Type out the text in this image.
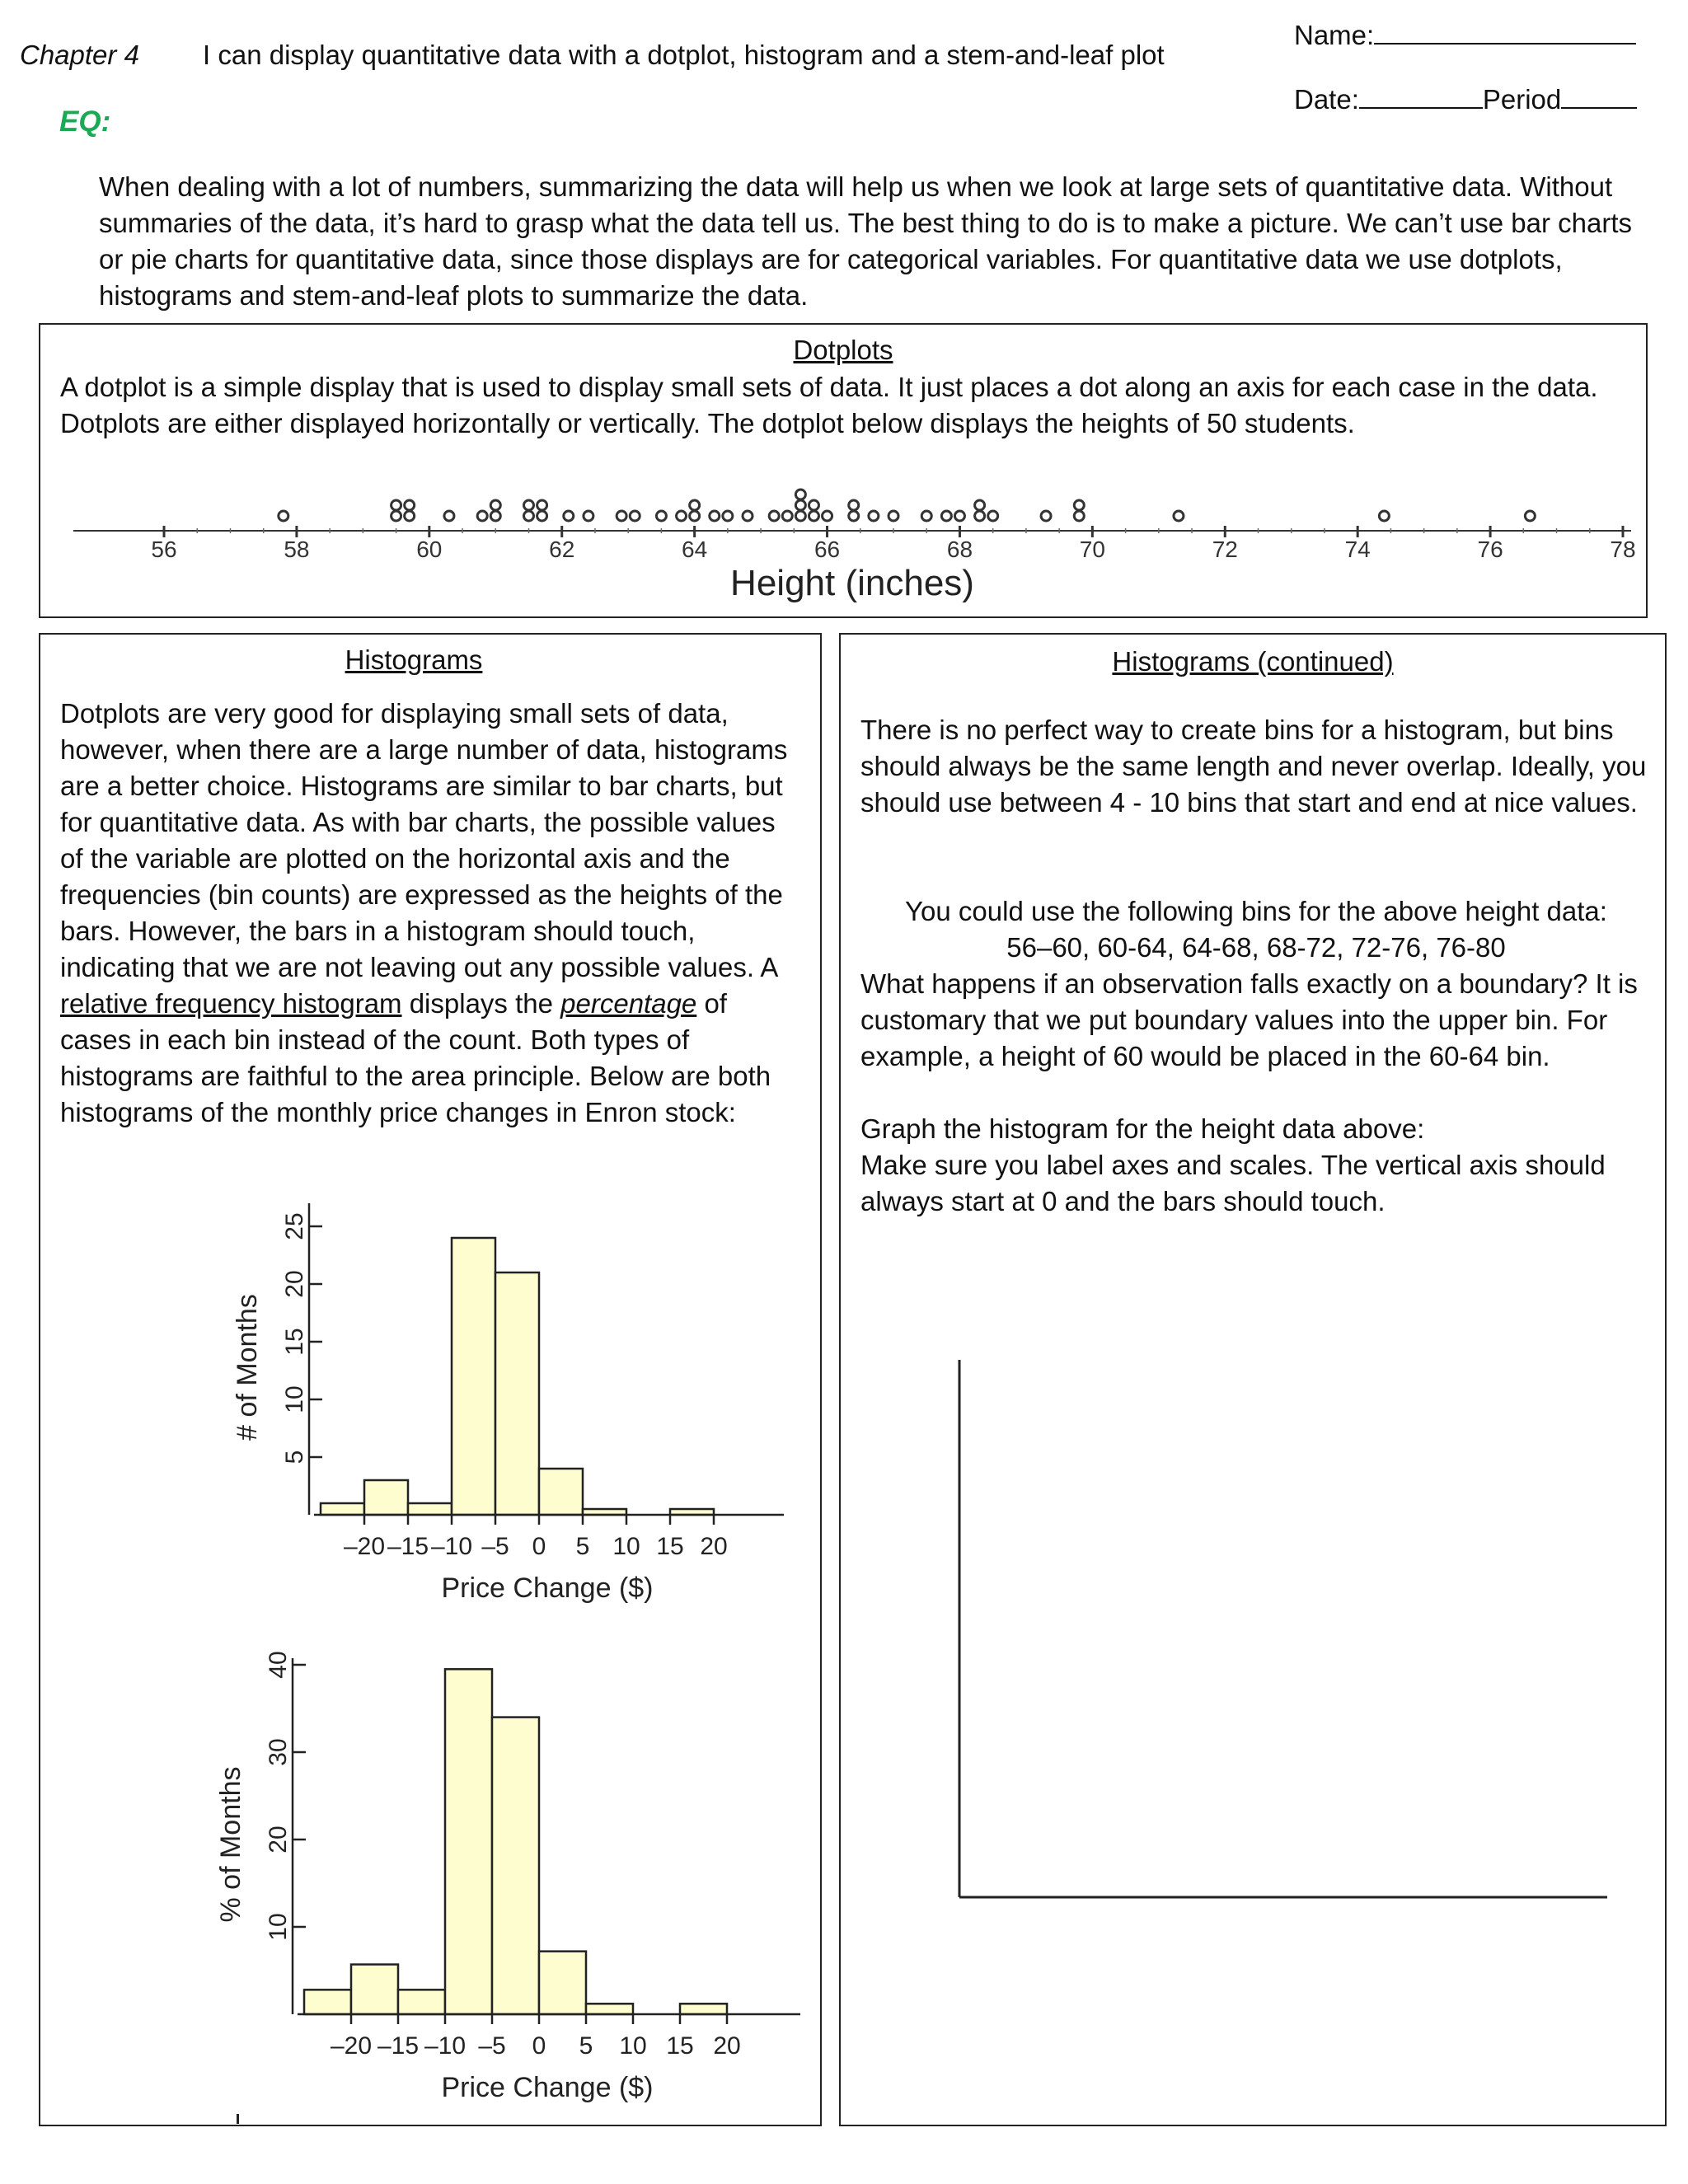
Chapter 4 I can display quantitative data with a dotplot, histogram and a stem-and-leaf plot
Name:
Date:	Period
EQ:
When dealing with a lot of numbers, summarizing the data will help us when we look at large sets of quantitative data. Without summaries of the data, it’s hard to grasp what the data tell us. The best thing to do is to make a picture. We can’t use bar charts or pie charts for quantitative data, since those displays are for categorical variables. For quantitative data we use dotplots, histograms and stem-and-leaf plots to summarize the data.
Dotplots
A dotplot is a simple display that is used to display small sets of data. It just places a dot along an axis for each case in the data. Dotplots are either displayed horizontally or vertically. The dotplot below displays the heights of 50 students.
56	58	60	62	64	66	68	70	72	74	76	78
Height (inches)
Histograms
Dotplots are very good for displaying small sets of data, however, when there are a large number of data, histograms are a better choice. Histograms are similar to bar charts, but for quantitative data. As with bar charts, the possible values of the variable are plotted on the horizontal axis and the frequencies (bin counts) are expressed as the heights of the bars. However, the bars in a histogram should touch, indicating that we are not leaving out any possible values. A relative frequency histogram displays the percentage of cases in each bin instead of the count. Both types of histograms are faithful to the area principle. Below are both histograms of the monthly price changes in Enron stock:
5
10
15
20
25
# of Months
–20 –15 –10 –5 0 5 10 15 20
Price Change ($)
10
20
30
40
% of Months
–20 –15 –10 –5 0 5 10 15 20
Price Change ($)
Histograms (continued)
There is no perfect way to create bins for a histogram, but bins should always be the same length and never overlap. Ideally, you should use between 4 - 10 bins that start and end at nice values.
You could use the following bins for the above height data:
56–60, 60-64, 64-68, 68-72, 72-76, 76-80
What happens if an observation falls exactly on a boundary? It is customary that we put boundary values into the upper bin. For example, a height of 60 would be placed in the 60-64 bin.
Graph the histogram for the height data above:
Make sure you label axes and scales. The vertical axis should always start at 0 and the bars should touch.
